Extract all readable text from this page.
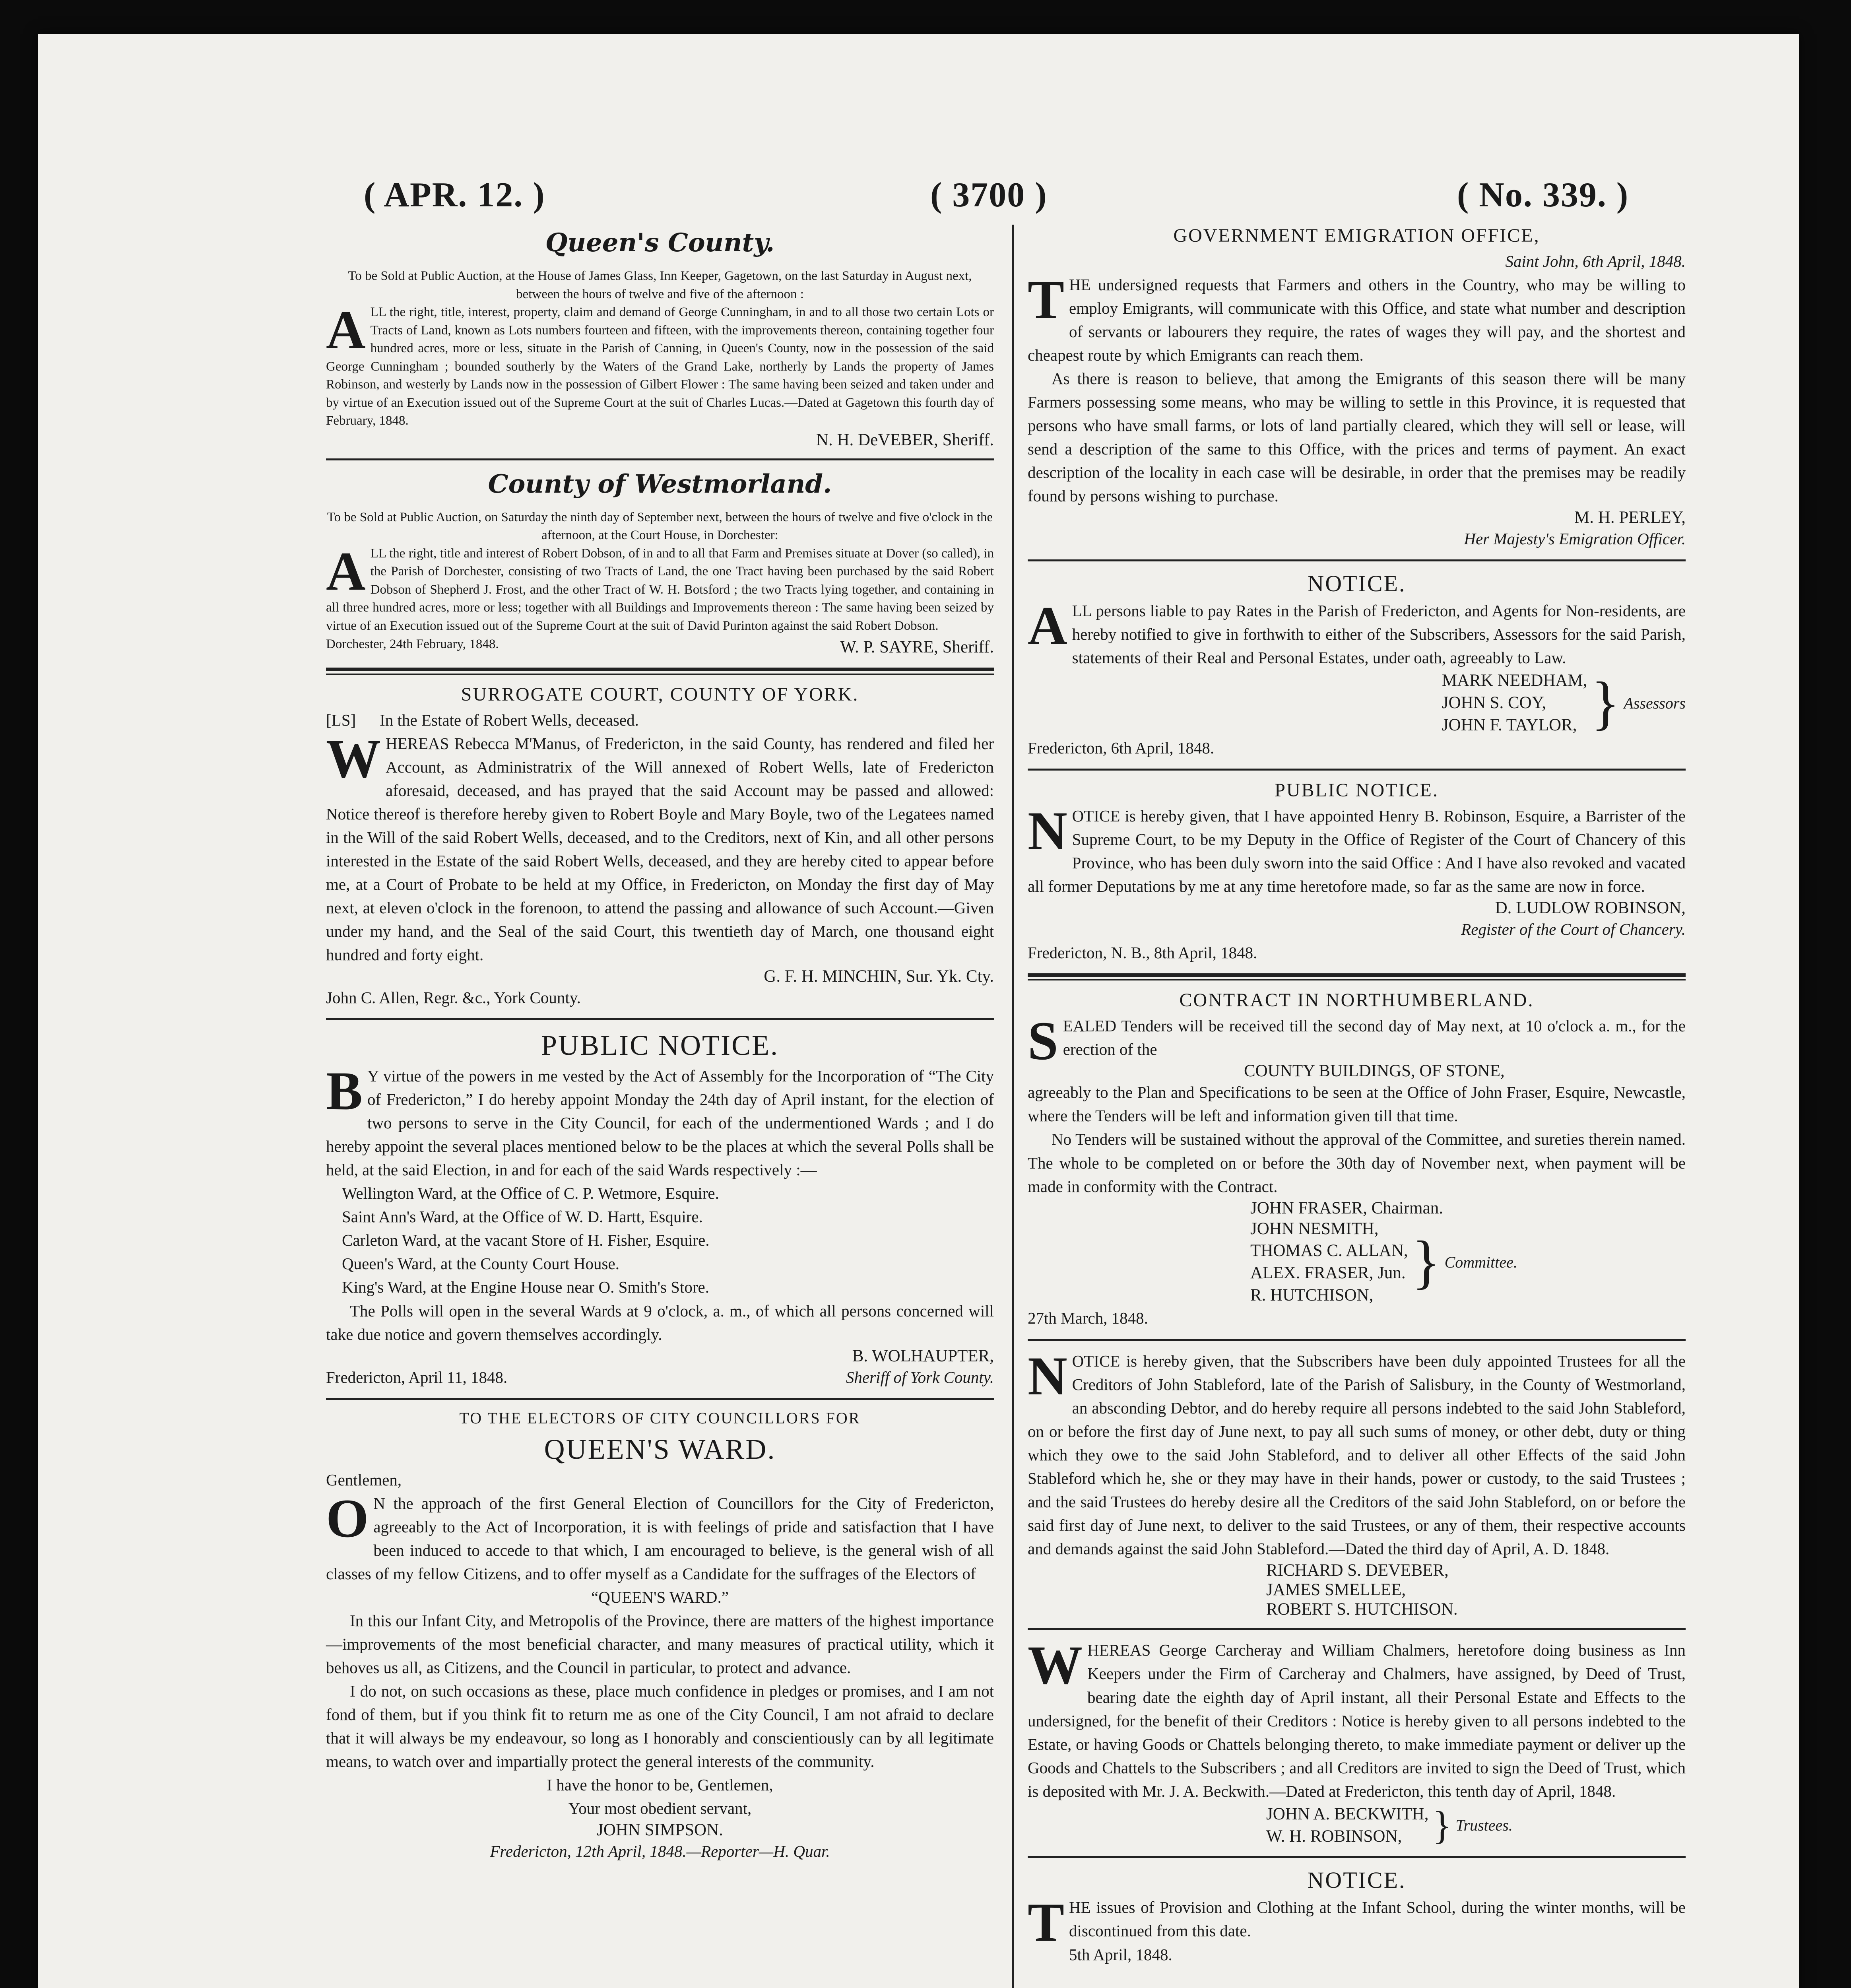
( APR. 12. )	( 3700 )	( No. 339. )
Queen's County.

To be Sold at Public Auction, at the House of James Glass, Inn Keeper, Gagetown, on the last Saturday in August next, between the hours of twelve and five of the afternoon :

ALL the right, title, interest, property, claim and demand of George Cunningham, in and to all those two certain Lots or Tracts of Land, known as Lots numbers fourteen and fifteen, with the improvements thereon, containing together four hundred acres, more or less, situate in the Parish of Canning, in Queen's County, now in the possession of the said George Cunningham ; bounded southerly by the Waters of the Grand Lake, northerly by Lands the property of James Robinson, and westerly by Lands now in the possession of Gilbert Flower : The same having been seized and taken under and by virtue of an Execution issued out of the Supreme Court at the suit of Charles Lucas.—Dated at Gagetown this fourth day of February, 1848.

N. H. DeVEBER, Sheriff.

County of Westmorland.

To be Sold at Public Auction, on Saturday the ninth day of September next, between the hours of twelve and five o'clock in the afternoon, at the Court House, in Dorchester:

ALL the right, title and interest of Robert Dobson, of in and to all that Farm and Premises situate at Dover (so called), in the Parish of Dorchester, consisting of two Tracts of Land, the one Tract having been purchased by the said Robert Dobson of Shepherd J. Frost, and the other Tract of W. H. Botsford ; the two Tracts lying together, and containing in all three hundred acres, more or less; together with all Buildings and Improvements thereon : The same having been seized by virtue of an Execution issued out of the Supreme Court at the suit of David Purinton against the said Robert Dobson.

Dorchester, 24th February, 1848.	W. P. SAYRE, Sheriff.
SURROGATE COURT, COUNTY OF YORK.
[LS]	In the Estate of Robert Wells, deceased.

WHEREAS Rebecca M'Manus, of Fredericton, in the said County, has rendered and filed her Account, as Administratrix of the Will annexed of Robert Wells, late of Fredericton aforesaid, deceased, and has prayed that the said Account may be passed and allowed: Notice thereof is therefore hereby given to Robert Boyle and Mary Boyle, two of the Legatees named in the Will of the said Robert Wells, deceased, and to the Creditors, next of Kin, and all other persons interested in the Estate of the said Robert Wells, deceased, and they are hereby cited to appear before me, at a Court of Probate to be held at my Office, in Fredericton, on Monday the first day of May next, at eleven o'clock in the forenoon, to attend the passing and allowance of such Account.—Given under my hand, and the Seal of the said Court, this twentieth day of March, one thousand eight hundred and forty eight.

G. F. H. MINCHIN, Sur. Yk. Cty.

John C. Allen, Regr. &c., York County.

PUBLIC NOTICE.

B Y virtue of the powers in me vested by the Act of Assembly for the Incorporation of “The City of Fredericton,” I do hereby appoint Monday the 24th day of April instant, for the election of two persons to serve in the City Council, for each of the undermentioned Wards ; and I do hereby appoint the several places mentioned below to be the places at which the several Polls shall be held, at the said Election, in and for each of the said Wards respectively :—

Wellington Ward, at the Office of C. P. Wetmore, Esquire.

Saint Ann's Ward, at the Office of W. D. Hartt, Esquire.

Carleton Ward, at the vacant Store of H. Fisher, Esquire.

Queen's Ward, at the County Court House.

King's Ward, at the Engine House near O. Smith's Store.

The Polls will open in the several Wards at 9 o'clock, a. m., of which all persons concerned will take due notice and govern themselves accordingly.

B. WOLHAUPTER,

Fredericton, April 11, 1848.	Sheriff of York County.
TO THE ELECTORS OF CITY COUNCILLORS FOR
QUEEN'S WARD.

Gentlemen,

O N the approach of the first General Election of Councillors for the City of Fredericton, agreeably to the Act of Incorporation, it is with feelings of pride and satisfaction that I have been induced to accede to that which, I am encouraged to believe, is the general wish of all classes of my fellow Citizens, and to offer myself as a Candidate for the suffrages of the Electors of

“QUEEN'S WARD.”

In this our Infant City, and Metropolis of the Province, there are matters of the highest importance—improvements of the most beneficial character, and many measures of practical utility, which it behoves us all, as Citizens, and the Council in particular, to protect and advance.

I do not, on such occasions as these, place much confidence in pledges or promises, and I am not fond of them, but if you think fit to return me as one of the City Council, I am not afraid to declare that it will always be my endeavour, so long as I honorably and conscientiously can by all legitimate means, to watch over and impartially protect the general interests of the community.

I have the honor to be, Gentlemen,

Your most obedient servant,

JOHN SIMPSON.

Fredericton, 12th April, 1848.—Reporter—H. Quar.

GOVERNMENT EMIGRATION OFFICE,

Saint John, 6th April, 1848.

THE undersigned requests that Farmers and others in the Country, who may be willing to employ Emigrants, will communicate with this Office, and state what number and description of servants or labourers they require, the rates of wages they will pay, and the shortest and cheapest route by which Emigrants can reach them.

As there is reason to believe, that among the Emigrants of this season there will be many Farmers possessing some means, who may be willing to settle in this Province, it is requested that persons who have small farms, or lots of land partially cleared, which they will sell or lease, will send a description of the same to this Office, with the prices and terms of payment. An exact description of the locality in each case will be desirable, in order that the premises may be readily found by persons wishing to purchase.

M. H. PERLEY,

Her Majesty's Emigration Officer.

NOTICE.

ALL persons liable to pay Rates in the Parish of Fredericton, and Agents for Non-residents, are hereby notified to give in forthwith to either of the Subscribers, Assessors for the said Parish, statements of their Real and Personal Estates, under oath, agreeably to Law.

MARK NEEDHAM,
JOHN S. COY,
JOHN F. TAYLOR, } Assessors

Fredericton, 6th April, 1848.

PUBLIC NOTICE.

NOTICE is hereby given, that I have appointed Henry B. Robinson, Esquire, a Barrister of the Supreme Court, to be my Deputy in the Office of Register of the Court of Chancery of this Province, who has been duly sworn into the said Office : And I have also revoked and vacated all former Deputations by me at any time heretofore made, so far as the same are now in force.

D. LUDLOW ROBINSON,

Register of the Court of Chancery.

Fredericton, N. B., 8th April, 1848.

CONTRACT IN NORTHUMBERLAND.

SEALED Tenders will be received till the second day of May next, at 10 o'clock a. m., for the erection of the

COUNTY BUILDINGS, OF STONE,

agreeably to the Plan and Specifications to be seen at the Office of John Fraser, Esquire, Newcastle, where the Tenders will be left and information given till that time.

No Tenders will be sustained without the approval of the Committee, and sureties therein named. The whole to be completed on or before the 30th day of November next, when payment will be made in conformity with the Contract.

JOHN FRASER, Chairman.

JOHN NESMITH,
THOMAS C. ALLAN,
ALEX. FRASER, Jun.
R. HUTCHISON,
} Committee.

27th March, 1848.

NOTICE is hereby given, that the Subscribers have been duly appointed Trustees for all the Creditors of John Stableford, late of the Parish of Salisbury, in the County of Westmorland, an absconding Debtor, and do hereby require all persons indebted to the said John Stableford, on or before the first day of June next, to pay all such sums of money, or other debt, duty or thing which they owe to the said John Stableford, and to deliver all other Effects of the said John Stableford which he, she or they may have in their hands, power or custody, to the said Trustees ; and the said Trustees do hereby desire all the Creditors of the said John Stableford, on or before the said first day of June next, to deliver to the said Trustees, or any of them, their respective accounts and demands against the said John Stableford.—Dated the third day of April, A. D. 1848.

RICHARD S. DEVEBER,
JAMES SMELLEE,
ROBERT S. HUTCHISON.

WHEREAS George Carcheray and William Chalmers, heretofore doing business as Inn Keepers under the Firm of Carcheray and Chalmers, have assigned, by Deed of Trust, bearing date the eighth day of April instant, all their Personal Estate and Effects to the undersigned, for the benefit of their Creditors : Notice is hereby given to all persons indebted to the Estate, or having Goods or Chattels belonging thereto, to make immediate payment or deliver up the Goods and Chattels to the Subscribers ; and all Creditors are invited to sign the Deed of Trust, which is deposited with Mr. J. A. Beckwith.—Dated at Fredericton, this tenth day of April, 1848.

JOHN A. BECKWITH,
W. H. ROBINSON, } Trustees.
NOTICE.

THE issues of Provision and Clothing at the Infant School, during the winter months, will be discontinued from this date.

5th April, 1848.
